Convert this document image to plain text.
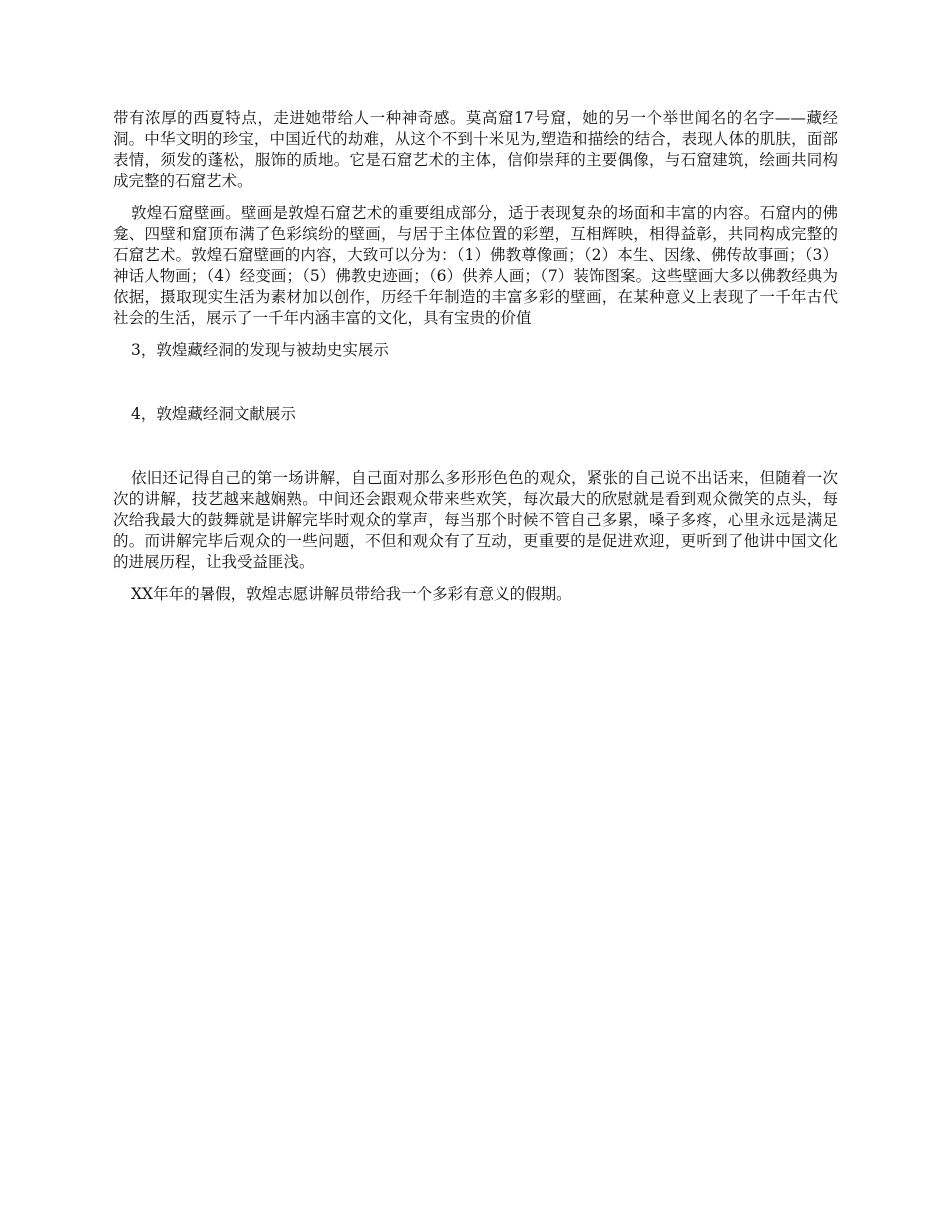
带有浓厚的西夏特点，走进她带给人一种神奇感。莫高窟17号窟，她的另一个举世闻名的名字——藏经洞。中华文明的珍宝，中国近代的劫难，从这个不到十米见为,塑造和描绘的结合，表现人体的肌肤，面部表情，须发的蓬松，服饰的质地。它是石窟艺术的主体，信仰崇拜的主要偶像，与石窟建筑，绘画共同构成完整的石窟艺术。

敦煌石窟壁画。壁画是敦煌石窟艺术的重要组成部分，适于表现复杂的场面和丰富的内容。石窟内的佛龛、四壁和窟顶布满了色彩缤纷的壁画，与居于主体位置的彩塑，互相辉映，相得益彰，共同构成完整的石窟艺术。敦煌石窟壁画的内容，大致可以分为：（1）佛教尊像画；（2）本生、因缘、佛传故事画；（3）神话人物画；（4）经变画；（5）佛教史迹画；（6）供养人画；（7）装饰图案。这些壁画大多以佛教经典为依据，摄取现实生活为素材加以创作，历经千年制造的丰富多彩的壁画，在某种意义上表现了一千年古代社会的生活，展示了一千年内涵丰富的文化，具有宝贵的价值

3，敦煌藏经洞的发现与被劫史实展示

4，敦煌藏经洞文献展示

依旧还记得自己的第一场讲解，自己面对那么多形形色色的观众，紧张的自己说不出话来，但随着一次次的讲解，技艺越来越娴熟。中间还会跟观众带来些欢笑，每次最大的欣慰就是看到观众微笑的点头，每次给我最大的鼓舞就是讲解完毕时观众的掌声，每当那个时候不管自己多累，嗓子多疼，心里永远是满足的。而讲解完毕后观众的一些问题，不但和观众有了互动，更重要的是促进欢迎，更听到了他讲中国文化的进展历程，让我受益匪浅。

XX年年的暑假，敦煌志愿讲解员带给我一个多彩有意义的假期。
